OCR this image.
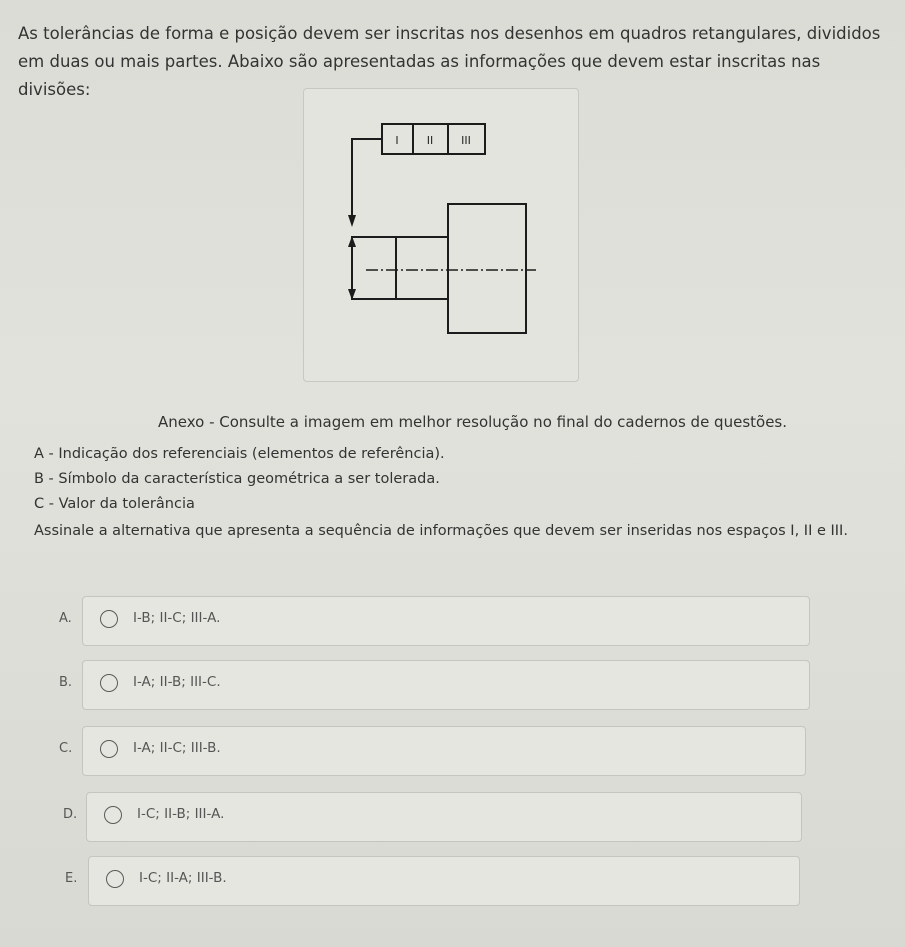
As tolerâncias de forma e posição devem ser inscritas nos desenhos em quadros retangulares, divididos em duas ou mais partes. Abaixo são apresentadas as informações que devem estar inscritas nas divisões:
I	II	III
Anexo - Consulte a imagem em melhor resolução no final do cadernos de questões.
A - Indicação dos referenciais (elementos de referência).
B - Símbolo da característica geométrica a ser tolerada.
C - Valor da tolerância
Assinale a alternativa que apresenta a sequência de informações que devem ser inseridas nos espaços I, II e III.
A.	I-B; II-C; III-A.
B.	I-A; II-B; III-C.
C.	I-A; II-C; III-B.
D.	I-C; II-B; III-A.
E.	I-C; II-A; III-B.
